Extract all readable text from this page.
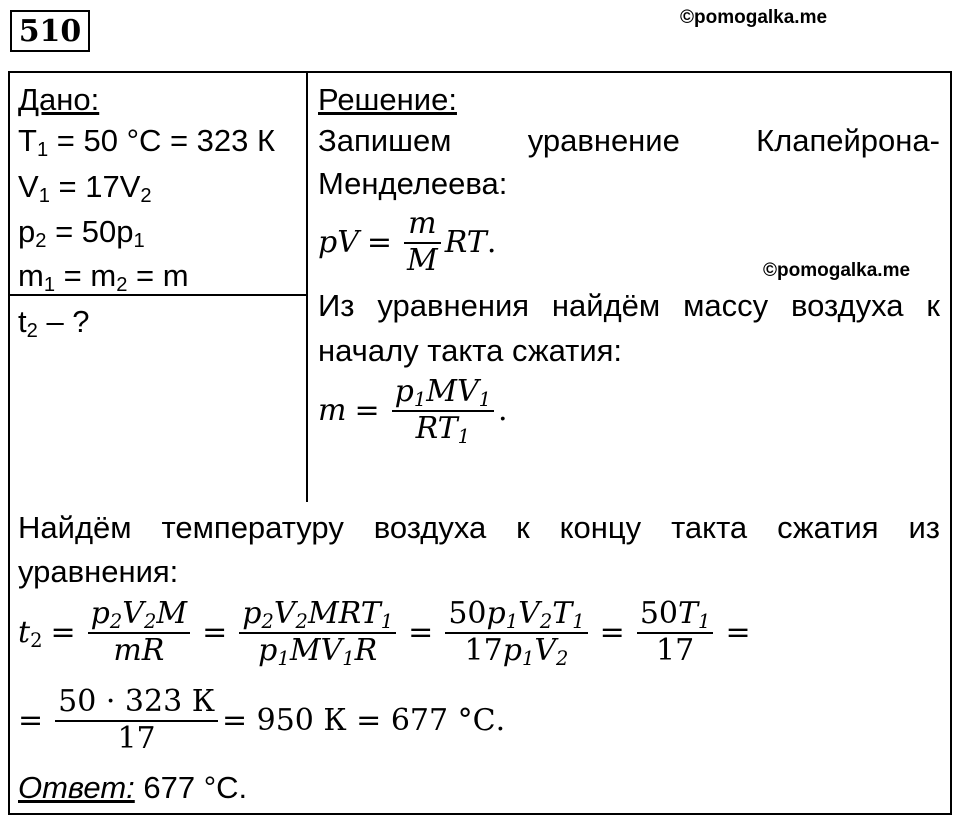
510	©pomogalka.me
©pomogalka.me
Дано:
$T_1 = 50$ °C = 323 К
$V_1 = 17V_2$
$p_2 = 50p_1$
$m_1 = m_2 = m$
$t_2$ – ?
Решение:
Запишем уравнение Клапейрона-
Менделеева:
pV = $\frac{m}{M}$ RT .
Из уравнения найдём массу воздуха к
началу такта сжатия:
$m = \frac{p_1MV_1}{RT_1}$ .
Найдём температуру воздуха к концу такта сжатия из
уравнения:
$t_2 = \frac{p_2V_2M}{mR} = \frac{p_2V_2MRT_1}{p_1MV_1R} = \frac{50p_1V_2T_1}{17p_1V_2} = \frac{50T_1}{17}$ =
= $\frac{50 \cdot 323 К}{17} = 950$ К = 677 °С.
Ответ: 677 °С.
